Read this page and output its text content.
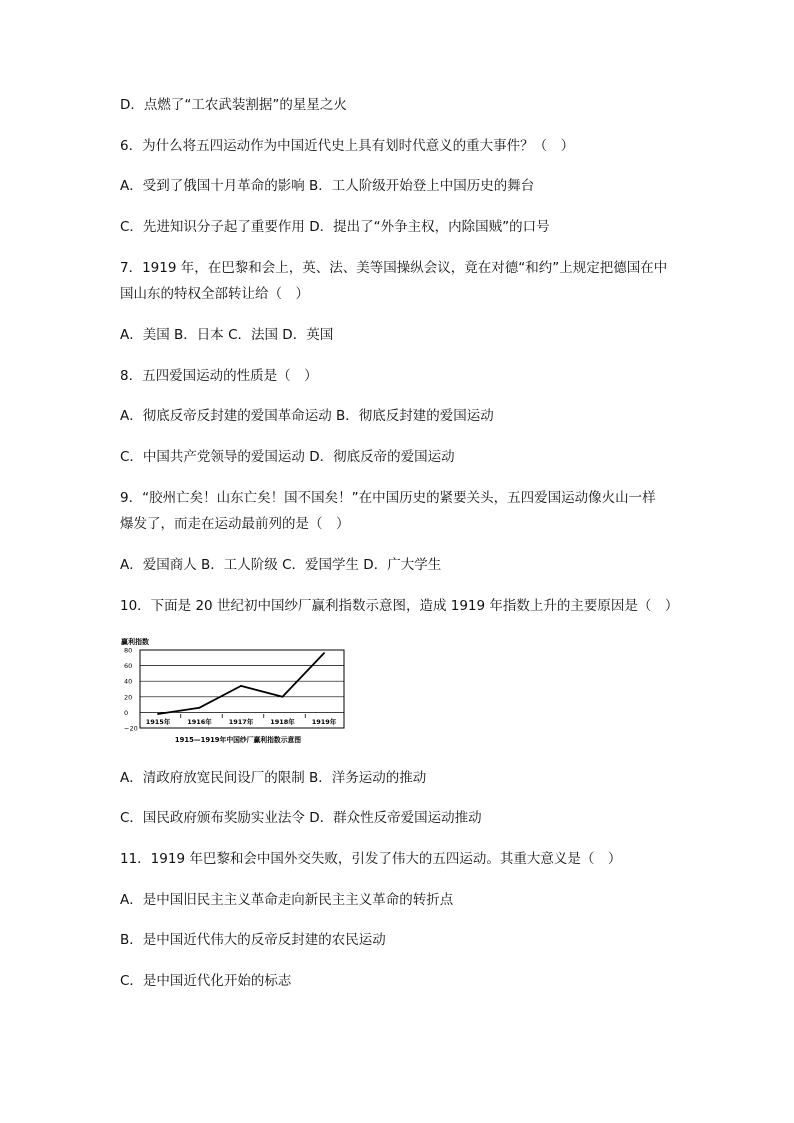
D．点燃了“工农武装割据”的星星之火
6．为什么将五四运动作为中国近代史上具有划时代意义的重大事件？（　）
A．受到了俄国十月革命的影响 B．工人阶级开始登上中国历史的舞台
C．先进知识分子起了重要作用 D．提出了“外争主权，内除国贼”的口号
7．1919 年，在巴黎和会上，英、法、美等国操纵会议，竟在对德“和约”上规定把德国在中
国山东的特权全部转让给（　）
A．美国 B．日本 C．法国 D．英国
8．五四爱国运动的性质是（　）
A．彻底反帝反封建的爱国革命运动 B．彻底反封建的爱国运动
C．中国共产党领导的爱国运动 D．彻底反帝的爱国运动
9．“胶州亡矣！山东亡矣！国不国矣！”在中国历史的紧要关头，五四爱国运动像火山一样
爆发了，而走在运动最前列的是（　）
A．爱国商人 B．工人阶级 C．爱国学生 D．广大学生
10．下面是 20 世纪初中国纱厂赢利指数示意图，造成 1919 年指数上升的主要原因是（　）
赢利指数
80
60
40
20
0
−20
1915年	1916年	1917年	1918年	1919年
1915—1919年中国纱厂赢利指数示意图
A．清政府放宽民间设厂的限制 B．洋务运动的推动
C．国民政府颁布奖励实业法令 D．群众性反帝爱国运动推动
11．1919 年巴黎和会中国外交失败，引发了伟大的五四运动。其重大意义是（　）
A．是中国旧民主主义革命走向新民主主义革命的转折点
B．是中国近代伟大的反帝反封建的农民运动
C．是中国近代化开始的标志
